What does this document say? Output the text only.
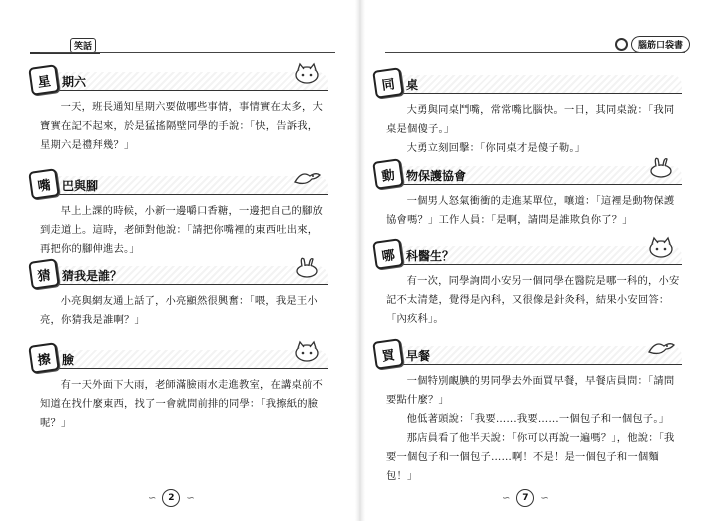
笑話
星 期六

一天，班長通知星期六要做哪些事情，事情實在太多，大寶實在記不起來，於是猛搖隔壁同學的手說：「快，告訴我，星期六是禮拜幾？」

嘴 巴與腳

早上上課的時候，小新一邊嚼口香糖，一邊把自己的腳放到走道上。這時，老師對他說：「請把你嘴裡的東西吐出來，再把你的腳伸進去。」

猜 猜我是誰？

小亮與網友通上話了，小亮顯然很興奮：「喂，我是王小亮，你猜我是誰啊？」

擦 臉

有一天外面下大雨，老師滿臉雨水走進教室，在講桌前不知道在找什麼東西，找了一會就問前排的同學：「我擦紙的臉呢？」

∽	2	∽
腦筋口袋書
同 桌

大勇與同桌鬥嘴，常常嘴比腦快。一日，其同桌說：「我同桌是個傻子。」

大勇立刻回擊：「你同桌才是傻子勒。」

動 物保護協會

一個男人怒氣衝衝的走進某單位，嚷道：「這裡是動物保護協會嗎？」工作人員：「是啊，請問是誰欺負你了？」

哪 科醫生？

有一次，同學詢問小安另一個同學在醫院是哪一科的，小安記不太清楚，覺得是內科，又很像是針灸科，結果小安回答：「內疚科」。

買 早餐

一個特別靦腆的男同學去外面買早餐，早餐店員問：「請問要點什麼？」

他低著頭說：「我要……我要……一個包子和一個包子。」

那店員看了他半天說：「你可以再說一遍嗎？」，他說：「我要一個包子和一個包子……啊！不是！是一個包子和一個麵包！」

∽	7	∽
